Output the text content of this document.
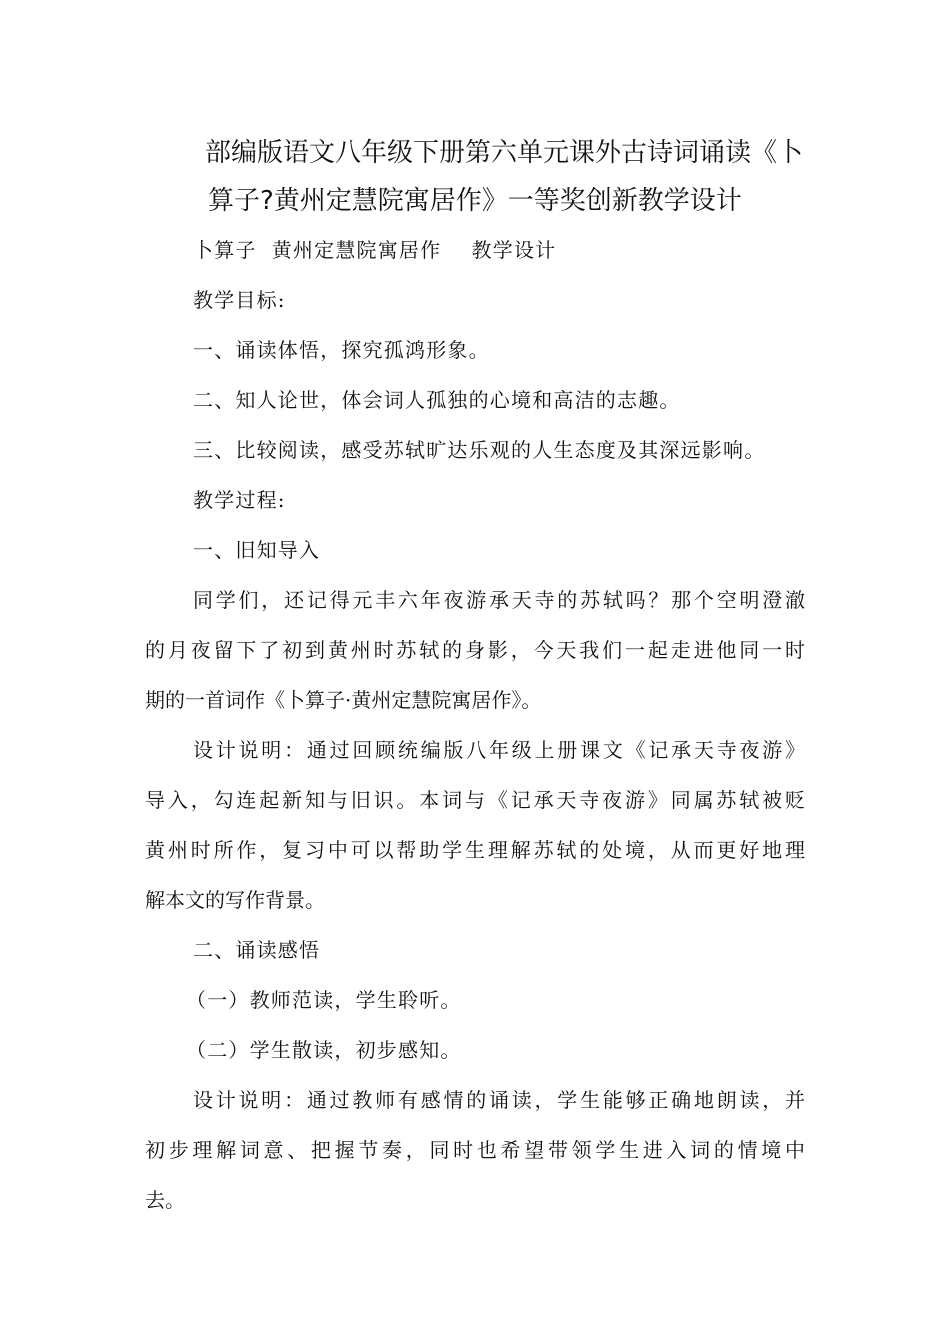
部编版语文八年级下册第六单元课外古诗词诵读《卜
算子?黄州定慧院寓居作》一等奖创新教学设计
卜算子  黄州定慧院寓居作    教学设计
教学目标:
一、诵读体悟，探究孤鸿形象。
二、知人论世，体会词人孤独的心境和高洁的志趣。
三、比较阅读，感受苏轼旷达乐观的人生态度及其深远影响。
教学过程:
一、旧知导入
同学们，还记得元丰六年夜游承天寺的苏轼吗？那个空明澄澈
的月夜留下了初到黄州时苏轼的身影，今天我们一起走进他同一时
期的一首词作《卜算子·黄州定慧院寓居作》。
设计说明：通过回顾统编版八年级上册课文《记承天寺夜游》
导入，勾连起新知与旧识。本词与《记承天寺夜游》同属苏轼被贬
黄州时所作，复习中可以帮助学生理解苏轼的处境，从而更好地理
解本文的写作背景。
二、诵读感悟
（一）教师范读，学生聆听。
（二）学生散读，初步感知。
设计说明：通过教师有感情的诵读，学生能够正确地朗读，并
初步理解词意、把握节奏，同时也希望带领学生进入词的情境中
去。
